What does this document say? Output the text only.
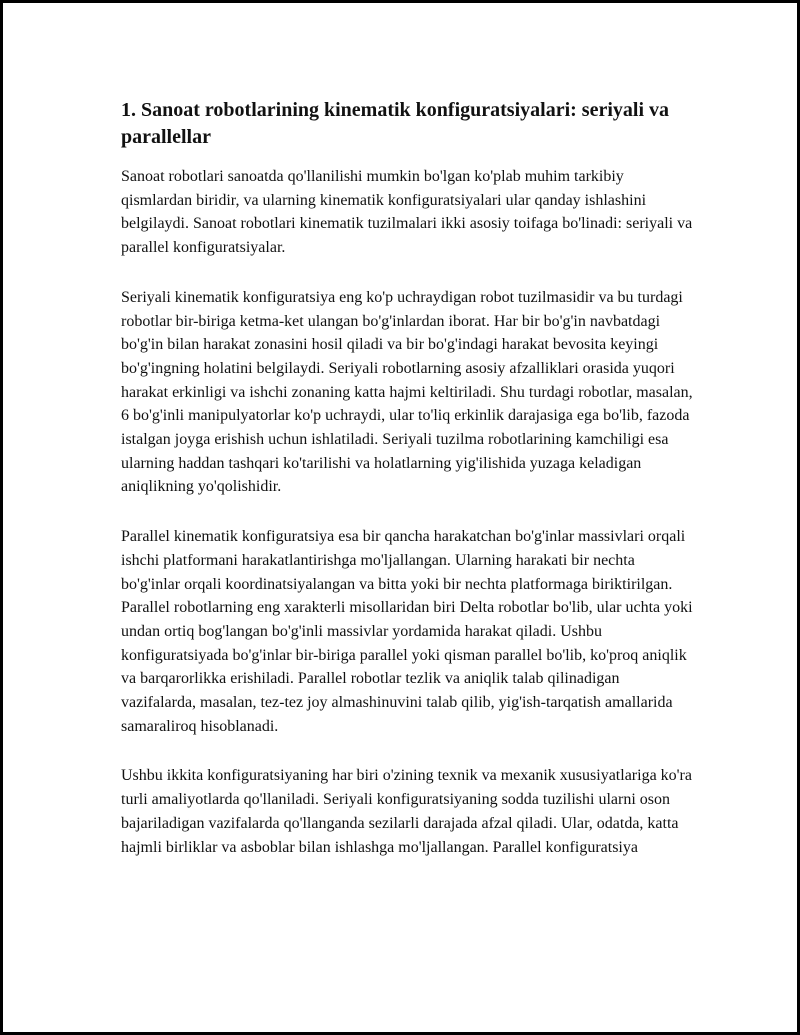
1. Sanoat robotlarining kinematik konfiguratsiyalari: seriyali va parallellar

Sanoat robotlari sanoatda qo'llanilishi mumkin bo'lgan ko'plab muhim tarkibiy qismlardan biridir, va ularning kinematik konfiguratsiyalari ular qanday ishlashini belgilaydi. Sanoat robotlari kinematik tuzilmalari ikki asosiy toifaga bo'linadi: seriyali va parallel konfiguratsiyalar.

Seriyali kinematik konfiguratsiya eng ko'p uchraydigan robot tuzilmasidir va bu turdagi robotlar bir-biriga ketma-ket ulangan bo'g'inlardan iborat. Har bir bo'g'in navbatdagi bo'g'in bilan harakat zonasini hosil qiladi va bir bo'g'indagi harakat bevosita keyingi bo'g'ingning holatini belgilaydi. Seriyali robotlarning asosiy afzalliklari orasida yuqori harakat erkinligi va ishchi zonaning katta hajmi keltiriladi. Shu turdagi robotlar, masalan, 6 bo'g'inli manipulyatorlar ko'p uchraydi, ular to'liq erkinlik darajasiga ega bo'lib, fazoda istalgan joyga erishish uchun ishlatiladi. Seriyali tuzilma robotlarining kamchiligi esa ularning haddan tashqari ko'tarilishi va holatlarning yig'ilishida yuzaga keladigan aniqlikning yo'qolishidir.

Parallel kinematik konfiguratsiya esa bir qancha harakatchan bo'g'inlar massivlari orqali ishchi platformani harakatlantirishga mo'ljallangan. Ularning harakati bir nechta bo'g'inlar orqali koordinatsiyalangan va bitta yoki bir nechta platformaga biriktirilgan. Parallel robotlarning eng xarakterli misollaridan biri Delta robotlar bo'lib, ular uchta yoki undan ortiq bog'langan bo'g'inli massivlar yordamida harakat qiladi. Ushbu konfiguratsiyada bo'g'inlar bir-biriga parallel yoki qisman parallel bo'lib, ko'proq aniqlik va barqarorlikka erishiladi. Parallel robotlar tezlik va aniqlik talab qilinadigan vazifalarda, masalan, tez-tez joy almashinuvini talab qilib, yig'ish-tarqatish amallarida samaraliroq hisoblanadi.

Ushbu ikkita konfiguratsiyaning har biri o'zining texnik va mexanik xususiyatlariga ko'ra turli amaliyotlarda qo'llaniladi. Seriyali konfiguratsiyaning sodda tuzilishi ularni oson bajariladigan vazifalarda qo'llanganda sezilarli darajada afzal qiladi. Ular, odatda, katta hajmli birliklar va asboblar bilan ishlashga mo'ljallangan. Parallel konfiguratsiya
